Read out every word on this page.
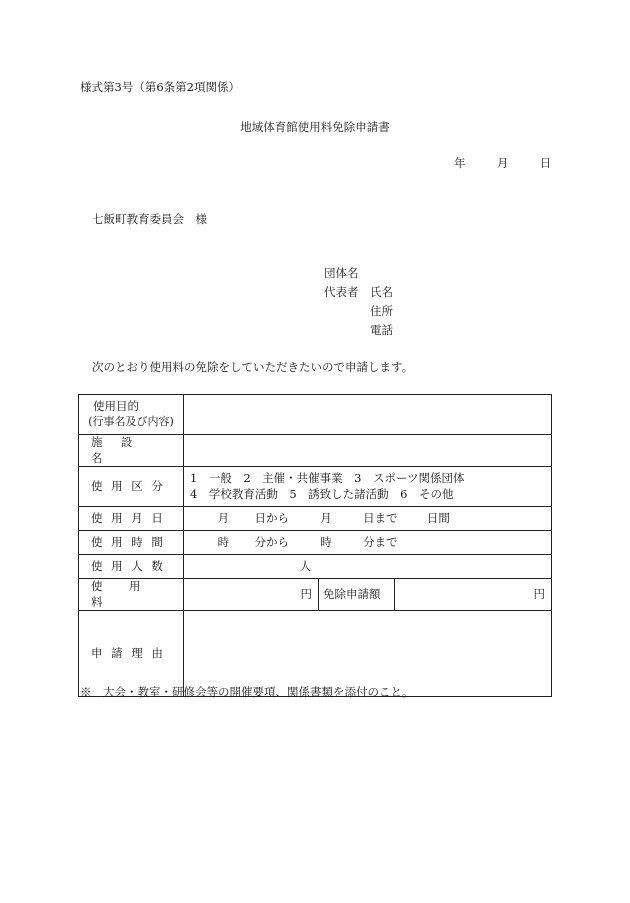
様式第3号（第6条第2項関係）
地域体育館使用料免除申請書
年	月	日
七飯町教育委員会　様
団体名
代表者 氏名
住所
電話
次のとおり使用料の免除をしていただきたいので申請します。
使用目的
(行事名及び内容)			

施設名			

使用区分	1　一般　2　主催・共催事業　3　スポーツ関係団体
4　学校教育活動　5　誘致した諸活動　6　その他		

使用月日	月 日から 月 日まで 日間		

使用時間	時 分から 時 分まで		

使用人数	人		

使用料	円	免除申請額	円

申請理由			

※　大会・教室・研修会等の開催要項、関係書類を添付のこと。
